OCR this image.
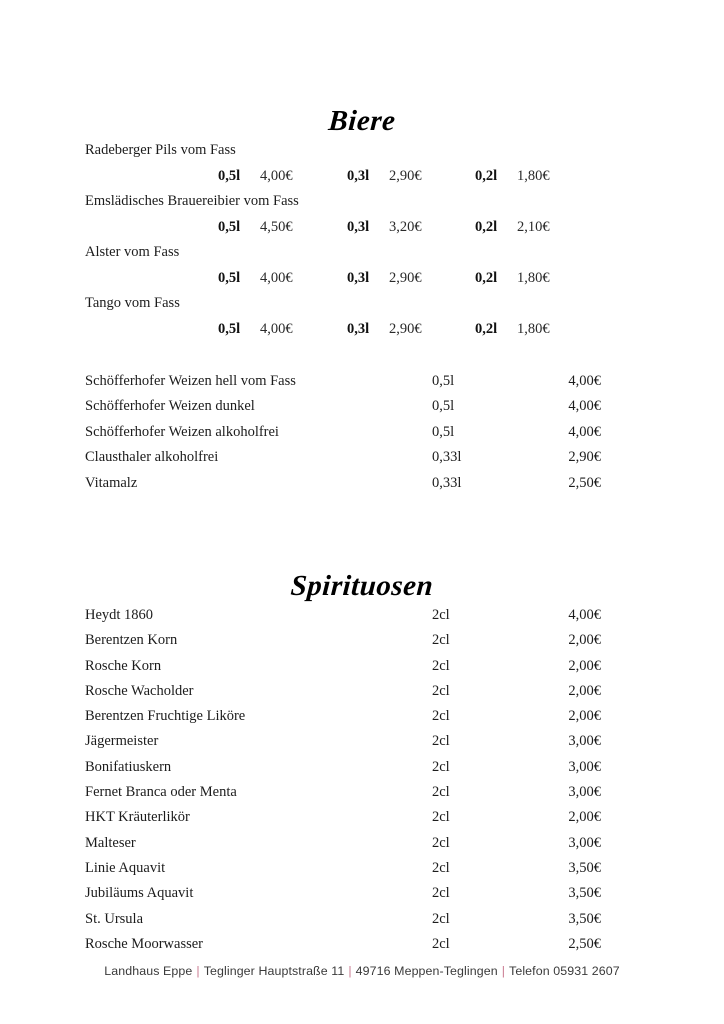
Biere
Radeberger Pils vom Fass
0,5l 4,00€	0,3l 2,90€	0,2l 1,80€
Emslädisches Brauereibier vom Fass
0,5l 4,50€	0,3l 3,20€	0,2l 2,10€
Alster vom Fass
0,5l 4,00€	0,3l 2,90€	0,2l 1,80€
Tango vom Fass
0,5l 4,00€	0,3l 2,90€	0,2l 1,80€
Schöfferhofer Weizen hell vom Fass	0,5l	4,00€
Schöfferhofer Weizen dunkel	0,5l	4,00€
Schöfferhofer Weizen alkoholfrei	0,5l	4,00€
Clausthaler alkoholfrei	0,33l	2,90€
Vitamalz	0,33l	2,50€
Spirituosen
Heydt 1860	2cl	4,00€
Berentzen Korn	2cl	2,00€
Rosche Korn	2cl	2,00€
Rosche Wacholder	2cl	2,00€
Berentzen Fruchtige Liköre	2cl	2,00€
Jägermeister	2cl	3,00€
Bonifatiuskern	2cl	3,00€
Fernet Branca oder Menta	2cl	3,00€
HKT Kräuterlikör	2cl	2,00€
Malteser	2cl	3,00€
Linie Aquavit	2cl	3,50€
Jubiläums Aquavit	2cl	3,50€
St. Ursula	2cl	3,50€
Rosche Moorwasser	2cl	2,50€
Landhaus Eppe | Teglinger Hauptstraße 11 | 49716 Meppen-Teglingen | Telefon 05931 2607
